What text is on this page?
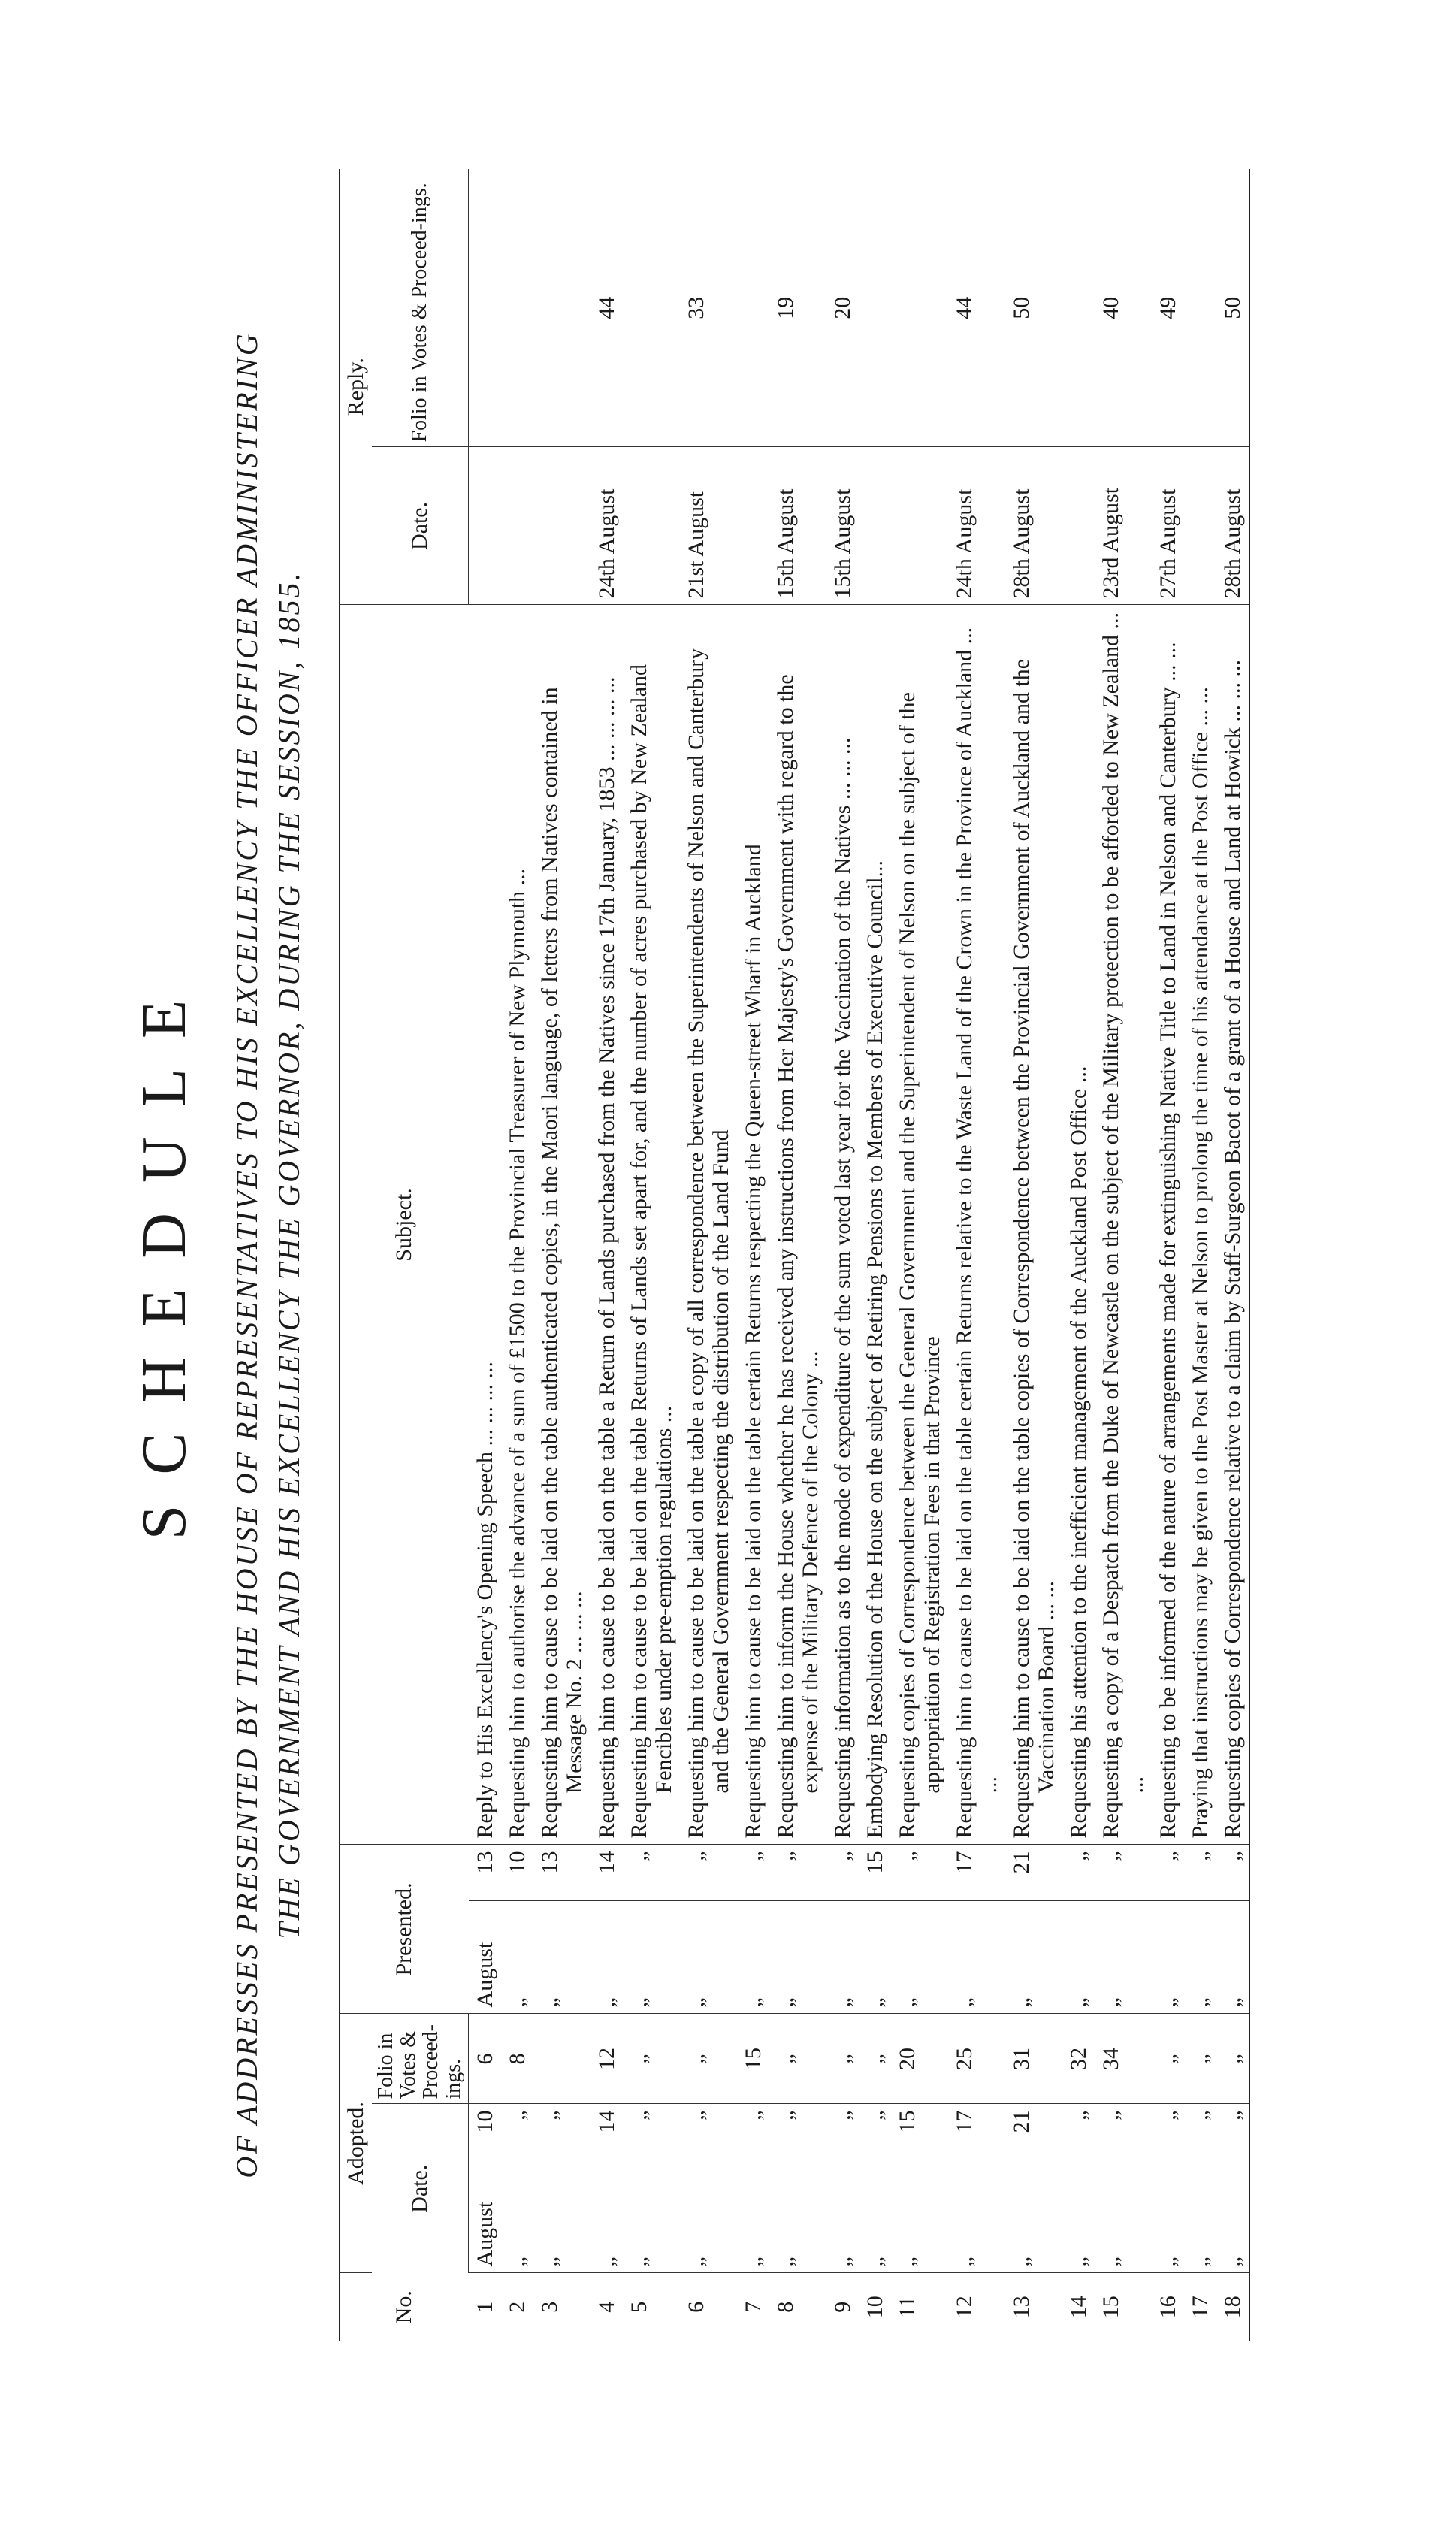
SCHEDULE OF ADDRESSES PRESENTED BY THE HOUSE OF REPRESENTATIVES TO HIS EXCELLENCY THE OFFICER ADMINISTERING THE GOVERNMENT AND HIS EXCELLENCY THE GOVERNOR, DURING THE SESSION, 1855.
No.	Adopted.			Presented.		Subject.	Reply.	
	Date.		Folio in Votes & Proceed-ings.				Date.	Folio in Votes & Proceed-ings.
1	August	10	6	August	13	Reply to His Excellency's Opening Speech ... ... ... ...		

2	„	„	8	„	10	Requesting him to authorise the advance of a sum of £1500 to the Provincial Treasurer of New Plymouth ...		

3	„	„		„	13	Requesting him to cause to be laid on the table authenticated copies, in the Maori language, of letters from Natives contained in Message No. 2 ... ... ...		

4	„	14	12	„	14	Requesting him to cause to be laid on the table a Return of Lands purchased from the Natives since 17th January, 1853 ... ... ... ...	24th August	44
5	„	„	„	„	„	Requesting him to cause to be laid on the table Returns of Lands set apart for, and the number of acres purchased by New Zealand Fencibles under pre-emption regulations ...		

6	„	„	„	„	„	Requesting him to cause to be laid on the table a copy of all correspondence between the Superintendents of Nelson and Canterbury and the General Government respecting the distribution of the Land Fund	21st August	33
7	„	„	15	„	„	Requesting him to cause to be laid on the table certain Returns respecting the Queen-street Wharf in Auckland		

8	„	„	„	„	„	Requesting him to inform the House whether he has received any instructions from Her Majesty's Government with regard to the expense of the Military Defence of the Colony ...	15th August	19
9	„	„	„	„	„	Requesting information as to the mode of expenditure of the sum voted last year for the Vaccination of the Natives ... ... ...	15th August	20
10	„	„	„	„	15	Embodying Resolution of the House on the subject of Retiring Pensions to Members of Executive Council...		

11	„	15	20	„	„	Requesting copies of Correspondence between the General Government and the Superintendent of Nelson on the subject of the appropriation of Registration Fees in that Province		

12	„	17	25	„	17	Requesting him to cause to be laid on the table certain Returns relative to the Waste Land of the Crown in the Province of Auckland ... ...	24th August	44
13	„	21	31	„	21	Requesting him to cause to be laid on the table copies of Correspondence between the Provincial Government of Auckland and the Vaccination Board ... ...	28th August	50
14	„	„	32	„	„	Requesting his attention to the inefficient management of the Auckland Post Office ...		

15	„	„	34	„	„	Requesting a copy of a Despatch from the Duke of Newcastle on the subject of the Military protection to be afforded to New Zealand ... ...	23rd August	40
16	„	„	„	„	„	Requesting to be informed of the nature of arrangements made for extinguishing Native Title to Land in Nelson and Canterbury ... ...	27th August	49
17	„	„	„	„	„	Praying that instructions may be given to the Post Master at Nelson to prolong the time of his attendance at the Post Office ... ...		

18	„	„	„	„	„	Requesting copies of Correspondence relative to a claim by Staff-Surgeon Bacot of a grant of a House and Land at Howick ... ... ...	28th August	50
